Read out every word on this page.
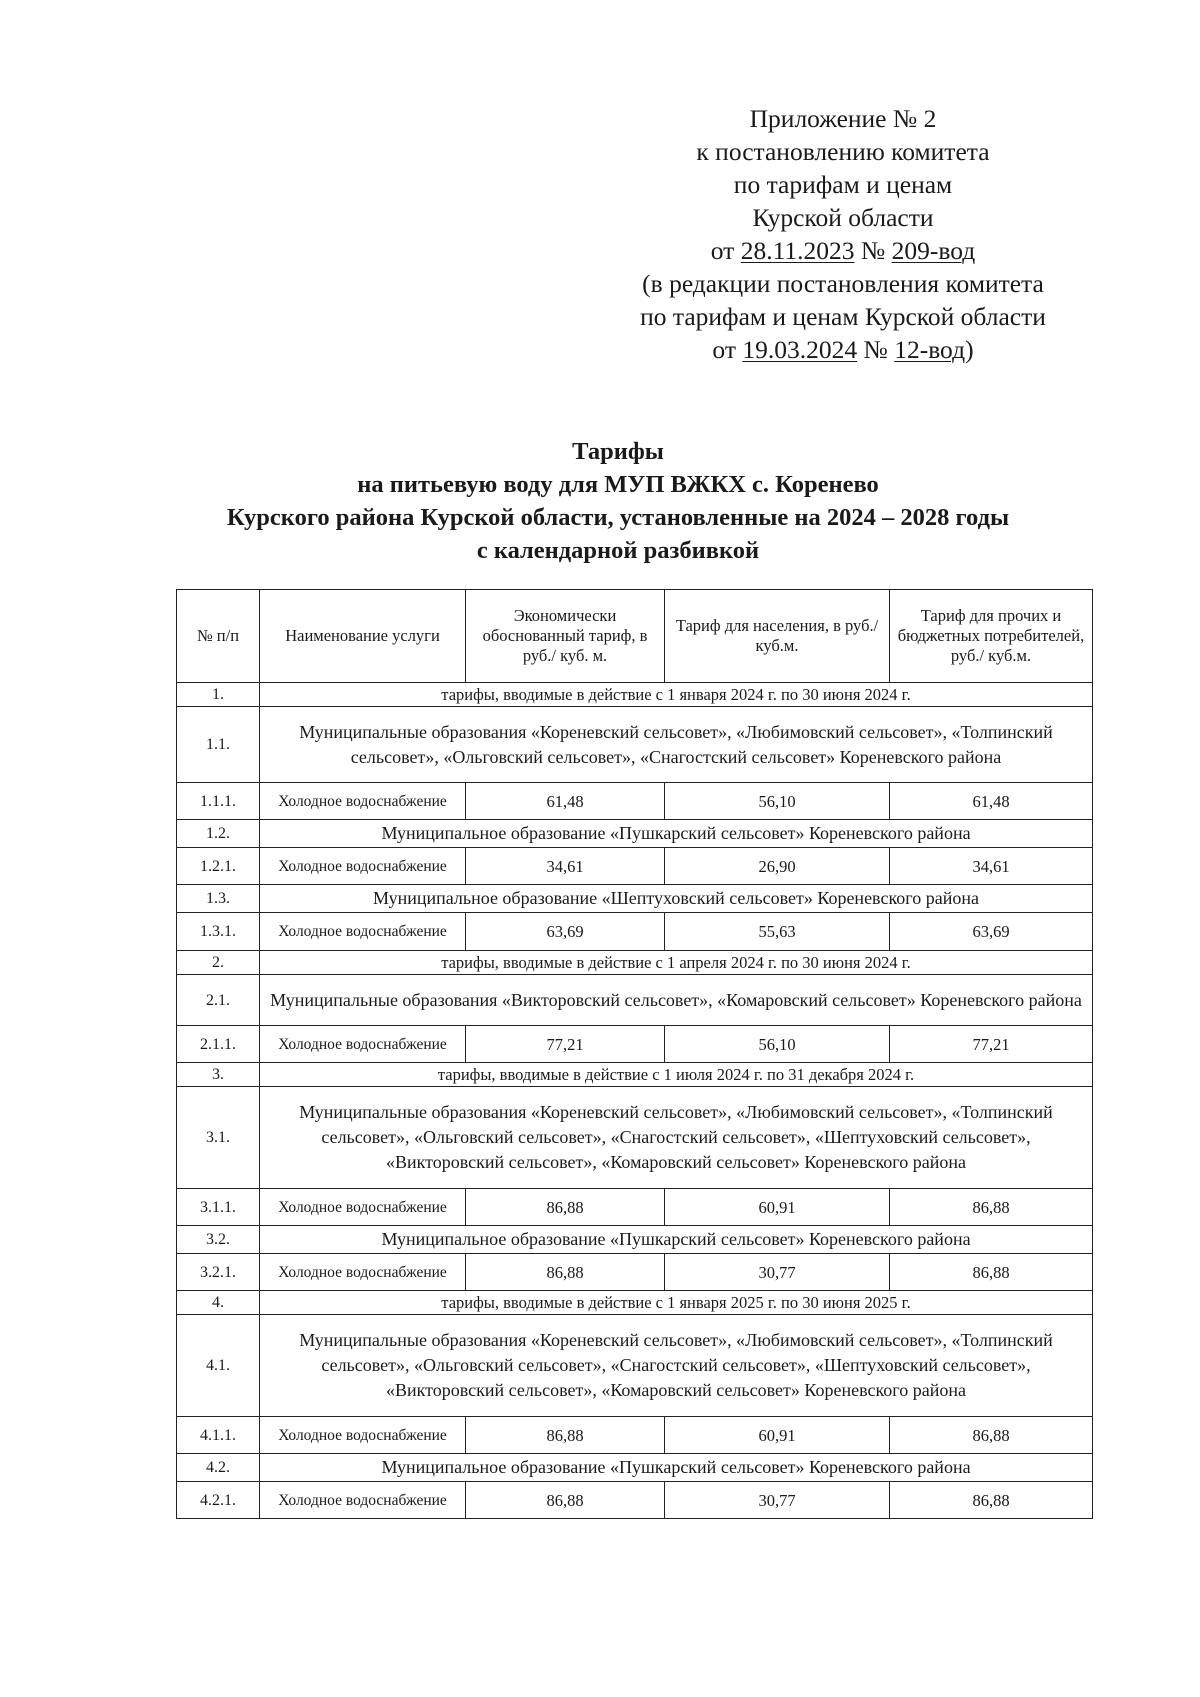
Приложение № 2
к постановлению комитета
по тарифам и ценам
Курской области
от 28.11.2023 № 209-вод
(в редакции постановления комитета
по тарифам и ценам Курской области
от 19.03.2024 № 12-вод)
Тарифы
на питьевую воду для МУП ВЖКХ с. Коренево
Курского района Курской области, установленные на 2024 – 2028 годы
с календарной разбивкой
№ п/п	Наименование услуги	Экономически обоснованный тариф, в руб./ куб. м.	Тариф для населения, в руб./ куб.м.	Тариф для прочих и бюджетных потребителей, руб./ куб.м.
1.	тарифы, вводимые в действие с 1 января 2024 г. по 30 июня 2024 г.			
1.1.	Муниципальные образования «Кореневский сельсовет», «Любимовский сельсовет», «Толпинский сельсовет», «Ольговский сельсовет», «Снагостский сельсовет» Кореневского района			
1.1.1.	Холодное водоснабжение	61,48	56,10	61,48
1.2.	Муниципальное образование «Пушкарский сельсовет» Кореневского района			
1.2.1.	Холодное водоснабжение	34,61	26,90	34,61
1.3.	Муниципальное образование «Шептуховский сельсовет» Кореневского района			
1.3.1.	Холодное водоснабжение	63,69	55,63	63,69
2.	тарифы, вводимые в действие с 1 апреля 2024 г. по 30 июня 2024 г.			
2.1.	Муниципальные образования «Викторовский сельсовет», «Комаровский сельсовет» Кореневского района			
2.1.1.	Холодное водоснабжение	77,21	56,10	77,21
3.	тарифы, вводимые в действие с 1 июля 2024 г. по 31 декабря 2024 г.			
3.1.	Муниципальные образования «Кореневский сельсовет», «Любимовский сельсовет», «Толпинский сельсовет», «Ольговский сельсовет», «Снагостский сельсовет», «Шептуховский сельсовет», «Викторовский сельсовет», «Комаровский сельсовет» Кореневского района			
3.1.1.	Холодное водоснабжение	86,88	60,91	86,88
3.2.	Муниципальное образование «Пушкарский сельсовет» Кореневского района			
3.2.1.	Холодное водоснабжение	86,88	30,77	86,88
4.	тарифы, вводимые в действие с 1 января 2025 г. по 30 июня 2025 г.			
4.1.	Муниципальные образования «Кореневский сельсовет», «Любимовский сельсовет», «Толпинский сельсовет», «Ольговский сельсовет», «Снагостский сельсовет», «Шептуховский сельсовет», «Викторовский сельсовет», «Комаровский сельсовет» Кореневского района			
4.1.1.	Холодное водоснабжение	86,88	60,91	86,88
4.2.	Муниципальное образование «Пушкарский сельсовет» Кореневского района			
4.2.1.	Холодное водоснабжение	86,88	30,77	86,88
